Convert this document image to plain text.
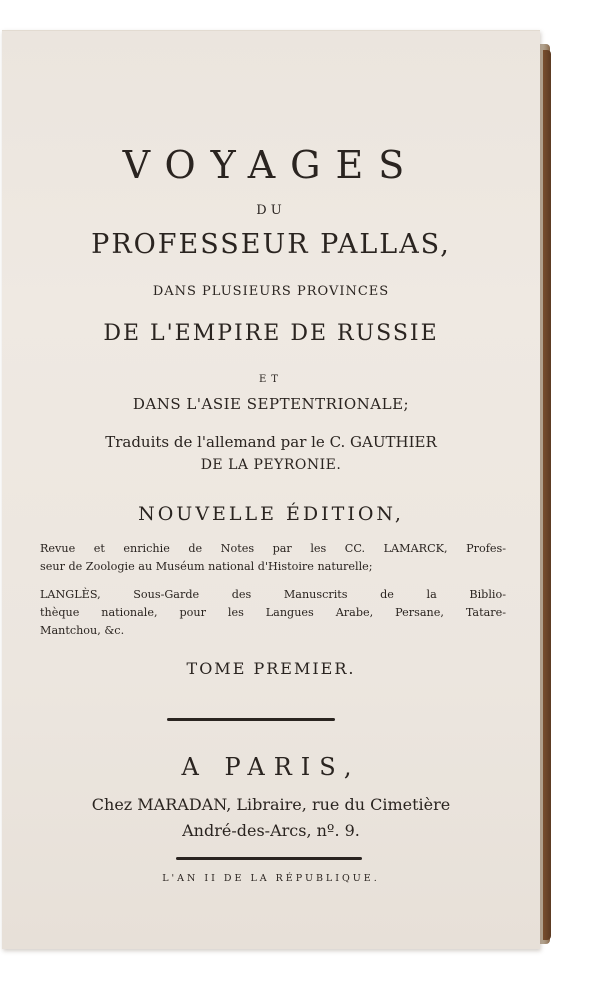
VOYAGES
DU
PROFESSEUR PALLAS,
DANS PLUSIEURS PROVINCES
DE L'EMPIRE DE RUSSIE
ET
DANS L'ASIE SEPTENTRIONALE;
Traduits de l'allemand par le C. GAUTHIER
DE LA PEYRONIE.
NOUVELLE ÉDITION,
Revue et enrichie de Notes par les CC. LAMARCK, Profes-
seur de Zoologie au Muséum national d'Histoire naturelle;
LANGLÈS, Sous-Garde des Manuscrits de la Biblio-
thèque nationale, pour les Langues Arabe, Persane, Tatare-
Mantchou, &c.
TOME PREMIER.
A PARIS,
Chez MARADAN, Libraire, rue du Cimetière
André-des-Arcs, nº. 9.
L'AN II DE LA RÉPUBLIQUE.
